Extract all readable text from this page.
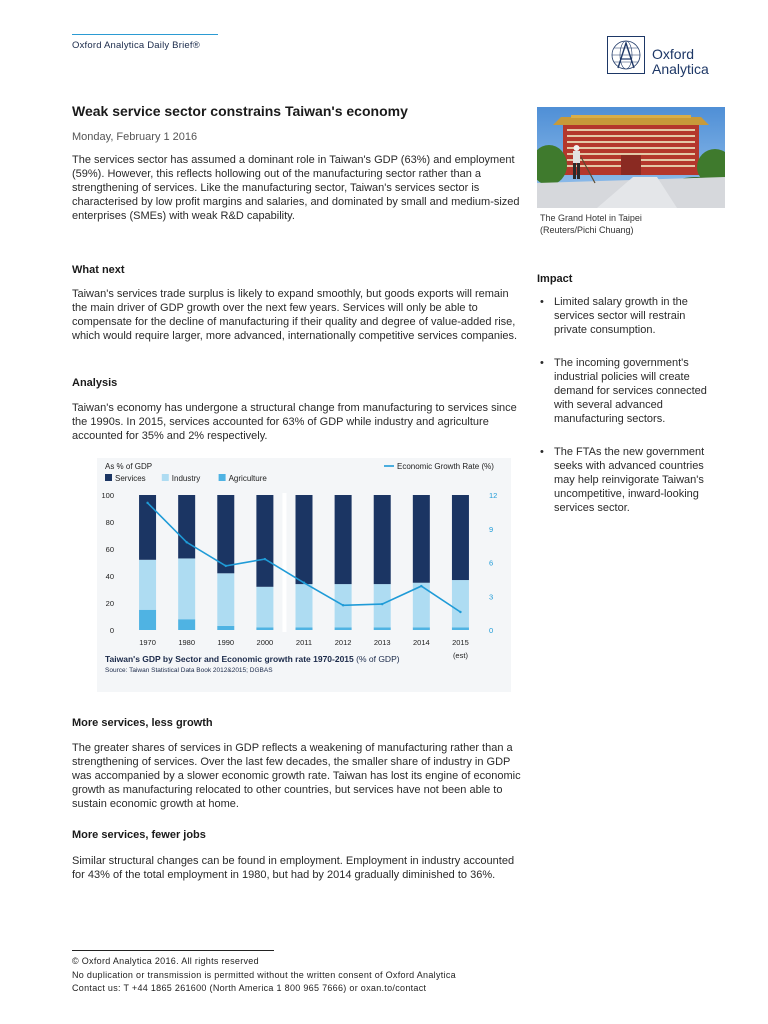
Oxford Analytica Daily Brief®
Oxford
Analytica
Weak service sector constrains Taiwan's economy
Monday, February 1 2016
The services sector has assumed a dominant role in Taiwan's GDP (63%) and employment (59%). However, this reflects hollowing out of the manufacturing sector rather than a strengthening of services. Like the manufacturing sector, Taiwan's services sector is characterised by low profit margins and salaries, and dominated by small and medium-sized enterprises (SMEs) with weak R&D capability.	The Grand Hotel in Taipei
(Reuters/Pichi Chuang)
What next
Taiwan's services trade surplus is likely to expand smoothly, but goods exports will remain the main driver of GDP growth over the next few years. Services will only be able to compensate for the decline of manufacturing if their quality and degree of value-added rise, which would require larger, more advanced, internationally competitive services companies.
Impact
• Limited salary growth in the services sector will restrain private consumption.
• The incoming government's industrial policies will create demand for services connected with several advanced manufacturing sectors.
• The FTAs the new government seeks with advanced countries may help reinvigorate Taiwan's uncompetitive, inward-looking services sector.
Analysis
Taiwan's economy has undergone a structural change from manufacturing to services since the 1990s. In 2015, services accounted for 63% of GDP while industry and agriculture accounted for 35% and 2% respectively.
As % of GDP
Services	Industry	Agriculture
Economic Growth Rate (%)
0
20
40
60
80
100
0
3
6
9
12
1970	1980	1990	2000	2011	2012	2013	2014	2015
(est)
Taiwan's GDP by Sector and Economic growth rate 1970-2015 (% of GDP)
Source: Taiwan Statistical Data Book 2012&2015; DGBAS
More services, less growth
The greater shares of services in GDP reflects a weakening of manufacturing rather than a strengthening of services. Over the last few decades, the smaller share of industry in GDP was accompanied by a slower economic growth rate. Taiwan has lost its engine of economic growth as manufacturing relocated to other countries, but services have not been able to sustain economic growth at home.
More services, fewer jobs
Similar structural changes can be found in employment. Employment in industry accounted for 43% of the total employment in 1980, but had by 2014 gradually diminished to 36%.
© Oxford Analytica 2016. All rights reserved
No duplication or transmission is permitted without the written consent of Oxford Analytica
Contact us: T +44 1865 261600 (North America 1 800 965 7666) or oxan.to/contact
